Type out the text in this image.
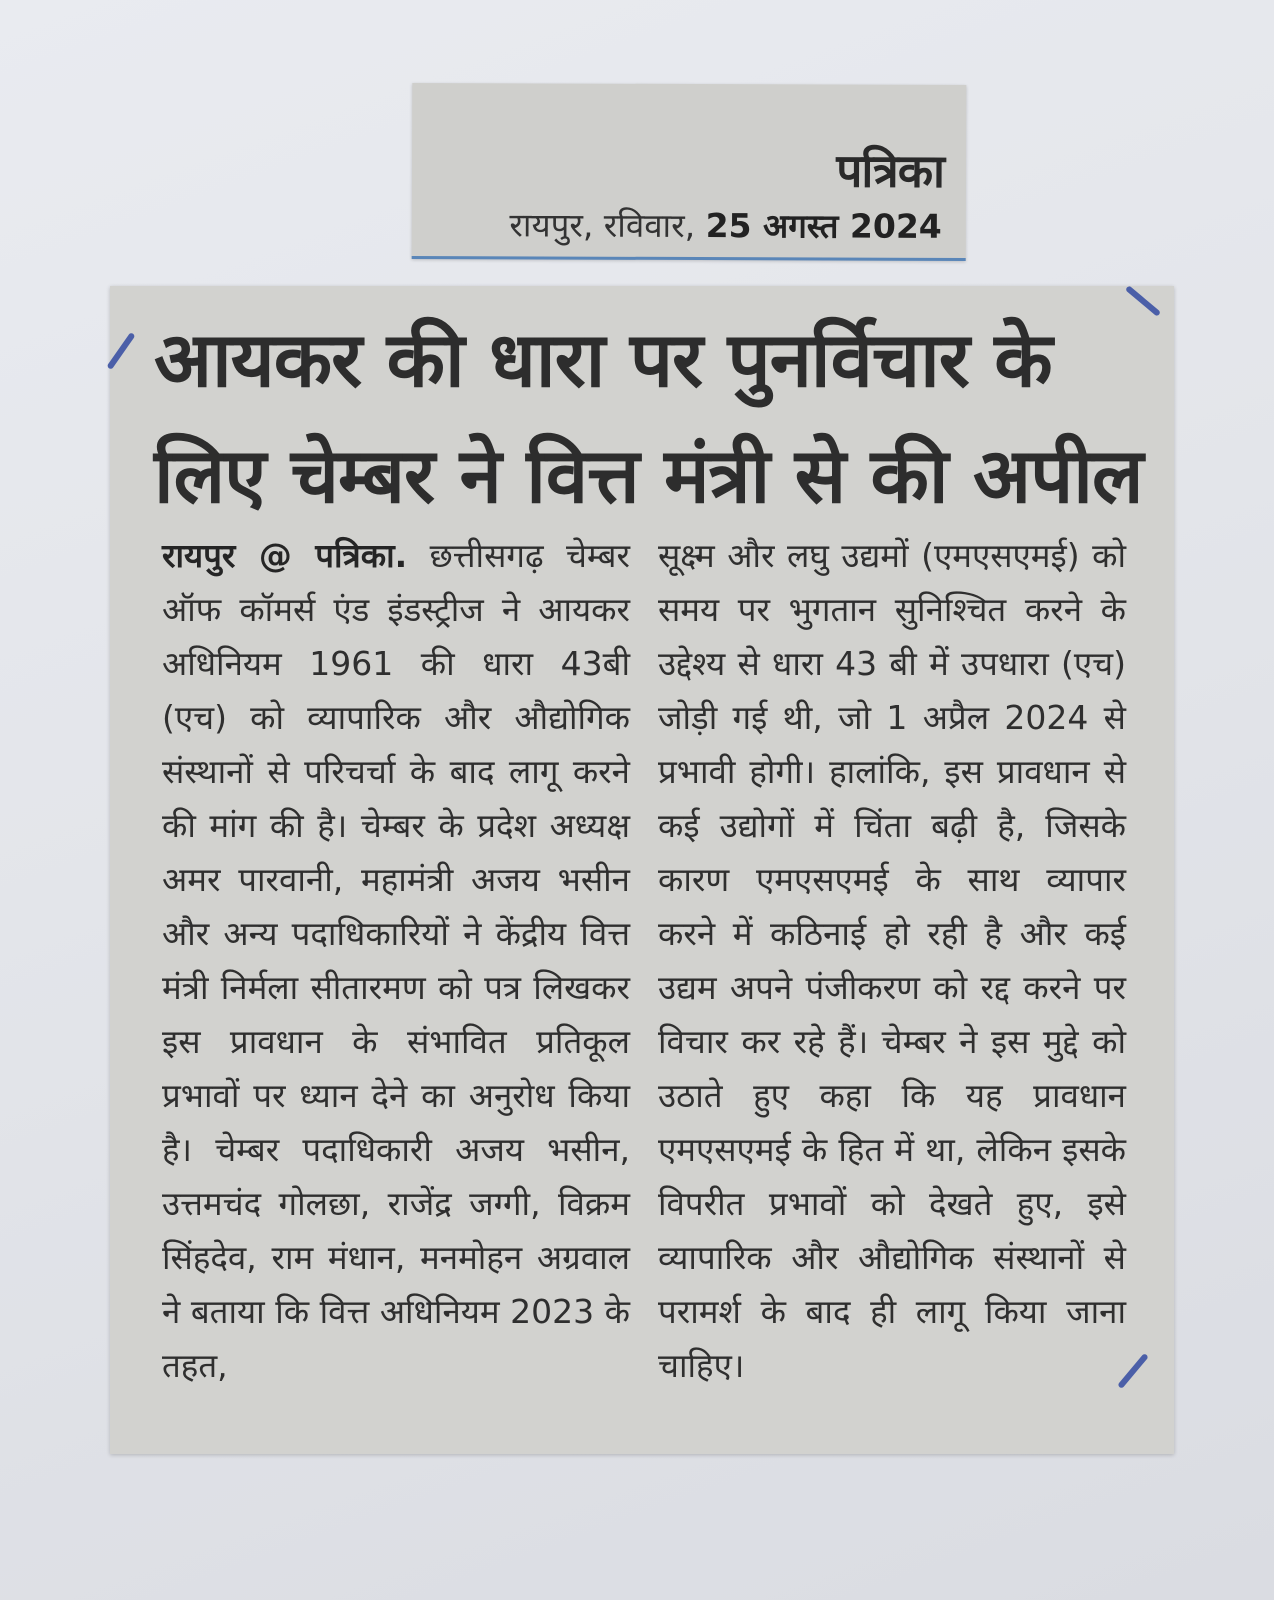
पत्रिका
रायपुर, रविवार, 25 अगस्त 2024
आयकर की धारा पर पुनर्विचार के लिए चेम्बर ने वित्त मंत्री से की अपील

रायपुर @ पत्रिका. छत्तीसगढ़ चेम्बर ऑफ कॉमर्स एंड इंडस्ट्रीज ने आयकर अधिनियम 1961 की धारा 43बी (एच) को व्यापारिक और औद्योगिक संस्थानों से परिचर्चा के बाद लागू करने की मांग की है। चेम्बर के प्रदेश अध्यक्ष अमर पारवानी, महामंत्री अजय भसीन और अन्य पदाधिकारियों ने केंद्रीय वित्त मंत्री निर्मला सीतारमण को पत्र लिखकर इस प्रावधान के संभावित प्रतिकूल प्रभावों पर ध्यान देने का अनुरोध किया है। चेम्बर पदाधिकारी अजय भसीन, उत्तमचंद गोलछा, राजेंद्र जग्गी, विक्रम सिंहदेव, राम मंधान, मनमोहन अग्रवाल ने बताया कि वित्त अधिनियम 2023 के तहत,

सूक्ष्म और लघु उद्यमों (एमएसएमई) को समय पर भुगतान सुनिश्चित करने के उद्देश्य से धारा 43 बी में उपधारा (एच) जोड़ी गई थी, जो 1 अप्रैल 2024 से प्रभावी होगी। हालांकि, इस प्रावधान से कई उद्योगों में चिंता बढ़ी है, जिसके कारण एमएसएमई के साथ व्यापार करने में कठिनाई हो रही है और कई उद्यम अपने पंजीकरण को रद्द करने पर विचार कर रहे हैं। चेम्बर ने इस मुद्दे को उठाते हुए कहा कि यह प्रावधान एमएसएमई के हित में था, लेकिन इसके विपरीत प्रभावों को देखते हुए, इसे व्यापारिक और औद्योगिक संस्थानों से परामर्श के बाद ही लागू किया जाना चाहिए।
